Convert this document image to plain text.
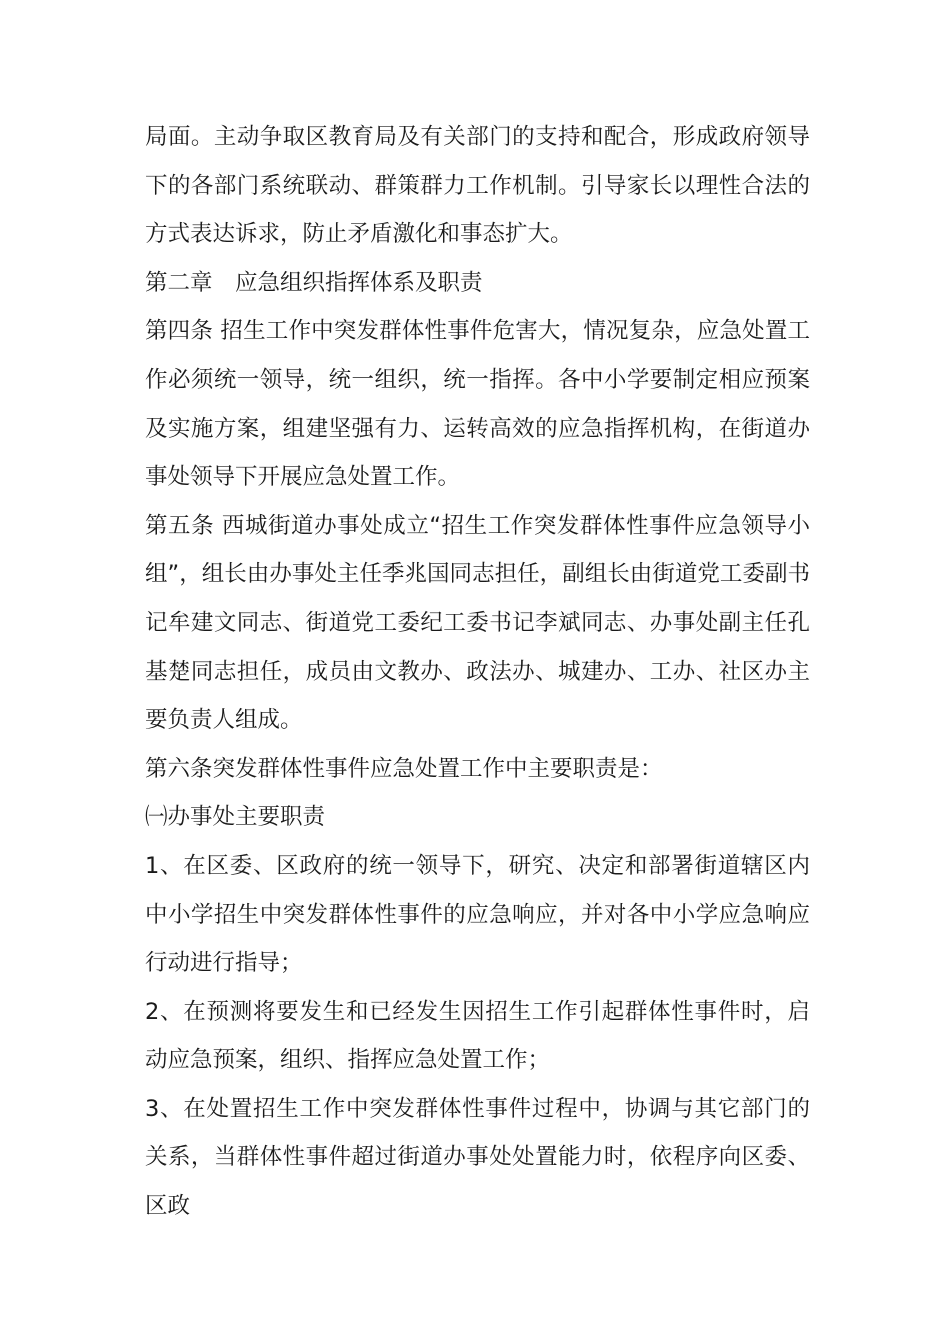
局面。主动争取区教育局及有关部门的支持和配合，形成政府领导下的各部门系统联动、群策群力工作机制。引导家长以理性合法的方式表达诉求，防止矛盾激化和事态扩大。

第二章　应急组织指挥体系及职责

第四条 招生工作中突发群体性事件危害大，情况复杂，应急处置工作必须统一领导，统一组织，统一指挥。各中小学要制定相应预案及实施方案，组建坚强有力、运转高效的应急指挥机构，在街道办事处领导下开展应急处置工作。

第五条 西城街道办事处成立“招生工作突发群体性事件应急领导小组”，组长由办事处主任季兆国同志担任，副组长由街道党工委副书记牟建文同志、街道党工委纪工委书记李斌同志、办事处副主任孔基楚同志担任，成员由文教办、政法办、城建办、工办、社区办主要负责人组成。

第六条突发群体性事件应急处置工作中主要职责是：

㈠办事处主要职责

1、在区委、区政府的统一领导下，研究、决定和部署街道辖区内中小学招生中突发群体性事件的应急响应，并对各中小学应急响应行动进行指导；

2、在预测将要发生和已经发生因招生工作引起群体性事件时，启动应急预案，组织、指挥应急处置工作；

3、在处置招生工作中突发群体性事件过程中，协调与其它部门的关系，当群体性事件超过街道办事处处置能力时，依程序向区委、区政
